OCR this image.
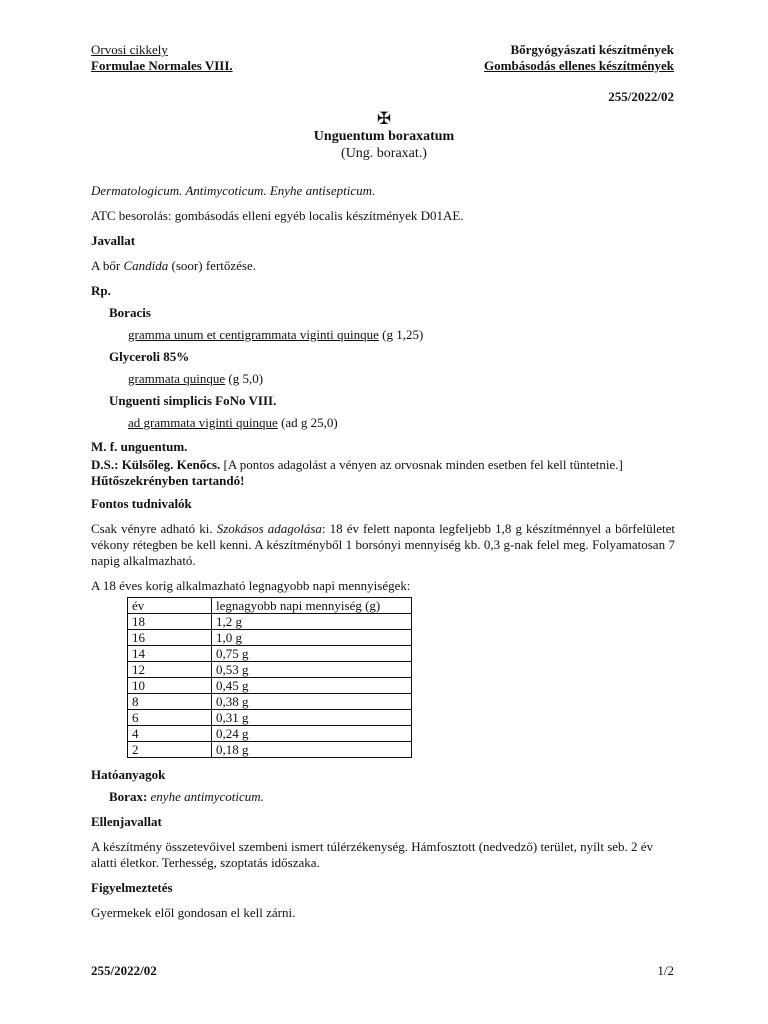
Orvosi cikkely
Formulae Normales VIII.
Bőrgyógyászati készítmények
Gombásodás ellenes készítmények
255/2022/02
✠
Unguentum boraxatum
(Ung. boraxat.)

Dermatologicum. Antimycoticum. Enyhe antisepticum.

ATC besorolás: gombásodás elleni egyéb localis készítmények D01AE.

Javallat

A bőr Candida (soor) fertőzése.

Rp.

Boracis

gramma unum et centigrammata viginti quinque (g 1,25)

Glyceroli 85%

grammata quinque (g 5,0)

Unguenti simplicis FoNo VIII.

ad grammata viginti quinque (ad g 25,0)

M. f. unguentum.

D.S.: Külsőleg. Kenőcs. [A pontos adagolást a vényen az orvosnak minden esetben fel kell tüntetnie.]

Hűtőszekrényben tartandó!

Fontos tudnivalók

Csak vényre adható ki. Szokásos adagolása: 18 év felett naponta legfeljebb 1,8 g készítménnyel a bőrfelületet vékony rétegben be kell kenni. A készítményből 1 borsónyi mennyiség kb. 0,3 g-nak felel meg. Folyamatosan 7 napig alkalmazható.

A 18 éves korig alkalmazható legnagyobb napi mennyiségek:

év	legnagyobb napi mennyiség (g)
18	1,2 g
16	1,0 g
14	0,75 g
12	0,53 g
10	0,45 g
8	0,38 g
6	0,31 g
4	0,24 g
2	0,18 g

Hatóanyagok

Borax: enyhe antimycoticum.

Ellenjavallat

A készítmény összetevőivel szembeni ismert túlérzékenység. Hámfosztott (nedvedző) terület, nyílt seb. 2 év alatti életkor. Terhesség, szoptatás időszaka.

Figyelmeztetés

Gyermekek elől gondosan el kell zárni.

255/2022/02	1/2
